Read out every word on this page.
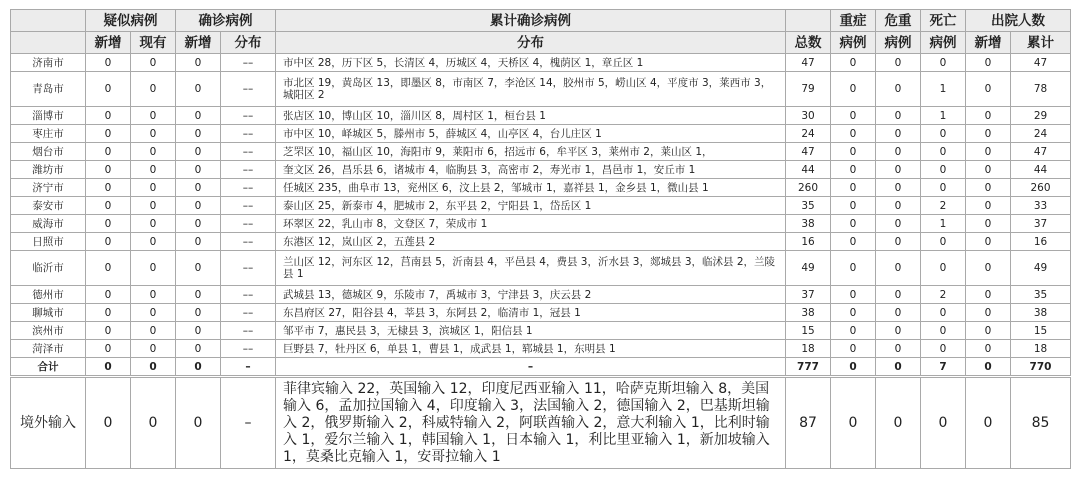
	疑似病例		确诊病例		累计确诊病例		重症	危重	死亡	出院人数	
	新增	现有	新增	分布	分布	总数	病例	病例	病例	新增	累计
济南市	0	0	0	––	市中区 28，历下区 5，长清区 4，历城区 4，天桥区 4，槐荫区 1，章丘区 1	47	0	0	0	0	47
青岛市	0	0	0	––	市北区 19，黄岛区 13，即墨区 8，市南区 7，李沧区 14，胶州市 5，崂山区 4，平度市 3，莱西市 3，城阳区 2	79	0	0	1	0	78
淄博市	0	0	0	––	张店区 10，博山区 10，淄川区 8，周村区 1，桓台县 1	30	0	0	1	0	29
枣庄市	0	0	0	––	市中区 10，峄城区 5，滕州市 5，薛城区 4，山亭区 4，台儿庄区 1	24	0	0	0	0	24
烟台市	0	0	0	––	芝罘区 10，福山区 10，海阳市 9，莱阳市 6，招远市 6，牟平区 3，莱州市 2，莱山区 1，	47	0	0	0	0	47
潍坊市	0	0	0	––	奎文区 26，昌乐县 6，诸城市 4，临朐县 3，高密市 2，寿光市 1，昌邑市 1，安丘市 1	44	0	0	0	0	44
济宁市	0	0	0	––	任城区 235，曲阜市 13，兖州区 6，汶上县 2，邹城市 1，嘉祥县 1，金乡县 1，微山县 1	260	0	0	0	0	260
泰安市	0	0	0	––	泰山区 25，新泰市 4，肥城市 2，东平县 2，宁阳县 1，岱岳区 1	35	0	0	2	0	33
威海市	0	0	0	––	环翠区 22，乳山市 8，文登区 7，荣成市 1	38	0	0	1	0	37
日照市	0	0	0	––	东港区 12，岚山区 2，五莲县 2	16	0	0	0	0	16
临沂市	0	0	0	––	兰山区 12，河东区 12，莒南县 5，沂南县 4，平邑县 4，费县 3，沂水县 3，郯城县 3，临沭县 2，兰陵县 1	49	0	0	0	0	49
德州市	0	0	0	––	武城县 13，德城区 9，乐陵市 7，禹城市 3，宁津县 3，庆云县 2	37	0	0	2	0	35
聊城市	0	0	0	––	东昌府区 27，阳谷县 4，莘县 3，东阿县 2，临清市 1，冠县 1	38	0	0	0	0	38
滨州市	0	0	0	––	邹平市 7，惠民县 3，无棣县 3，滨城区 1，阳信县 1	15	0	0	0	0	15
菏泽市	0	0	0	––	巨野县 7，牡丹区 6，单县 1，曹县 1，成武县 1，郓城县 1，东明县 1	18	0	0	0	0	18
合计	0	0	0	–	–	777	0	0	7	0	770
境外输入	0	0	0	–	菲律宾输入 22，英国输入 12，印度尼西亚输入 11，哈萨克斯坦输入 8，美国输入 6，孟加拉国输入 4，印度输入 3，法国输入 2，德国输入 2，巴基斯坦输入 2，俄罗斯输入 2，科威特输入 2，阿联酋输入 2，意大利输入 1，比利时输入 1，爱尔兰输入 1，韩国输入 1，日本输入 1，利比里亚输入 1，新加坡输入 1，莫桑比克输入 1，安哥拉输入 1	87	0	0	0	0	85
